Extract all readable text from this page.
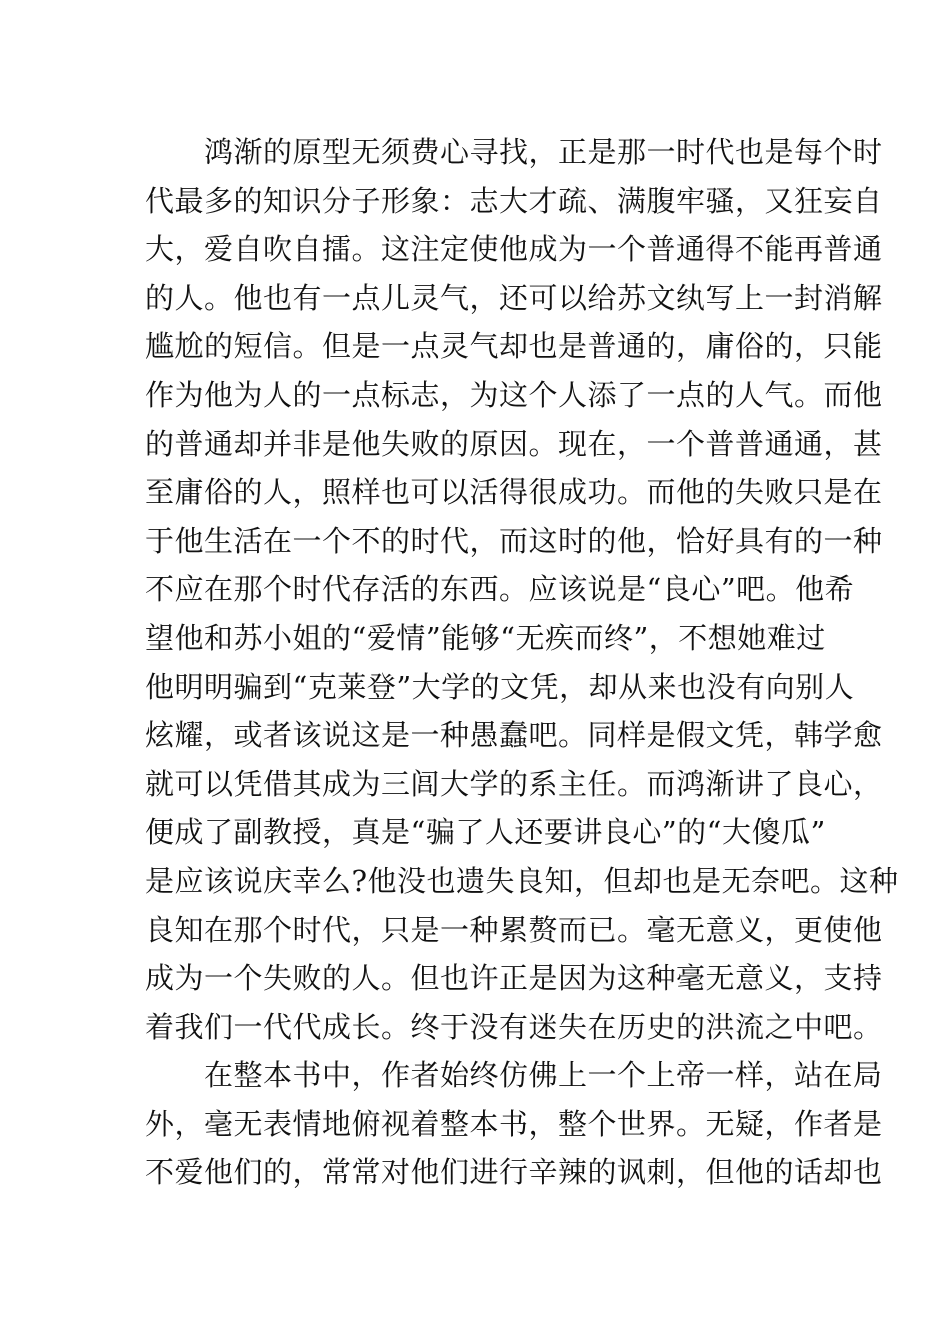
　　鸿渐的原型无须费心寻找，正是那一时代也是每个时
代最多的知识分子形象：志大才疏、满腹牢骚，又狂妄自
大，爱自吹自擂。这注定使他成为一个普通得不能再普通
的人。他也有一点儿灵气，还可以给苏文纨写上一封消解
尴尬的短信。但是一点灵气却也是普通的，庸俗的，只能
作为他为人的一点标志，为这个人添了一点的人气。而他
的普通却并非是他失败的原因。现在，一个普普通通，甚
至庸俗的人，照样也可以活得很成功。而他的失败只是在
于他生活在一个不的时代，而这时的他，恰好具有的一种
不应在那个时代存活的东西。应该说是“良心”吧。他希
望他和苏小姐的“爱情”能够“无疾而终”，不想她难过
他明明骗到“克莱登”大学的文凭，却从来也没有向别人
炫耀，或者该说这是一种愚蠢吧。同样是假文凭，韩学愈
就可以凭借其成为三闾大学的系主任。而鸿渐讲了良心，
便成了副教授，真是“骗了人还要讲良心”的“大傻瓜”
是应该说庆幸么?他没也遗失良知，但却也是无奈吧。这种
良知在那个时代，只是一种累赘而已。毫无意义，更使他
成为一个失败的人。但也许正是因为这种毫无意义，支持
着我们一代代成长。终于没有迷失在历史的洪流之中吧。
　　在整本书中，作者始终仿佛上一个上帝一样，站在局
外，毫无表情地俯视着整本书，整个世界。无疑，作者是
不爱他们的，常常对他们进行辛辣的讽刺，但他的话却也
